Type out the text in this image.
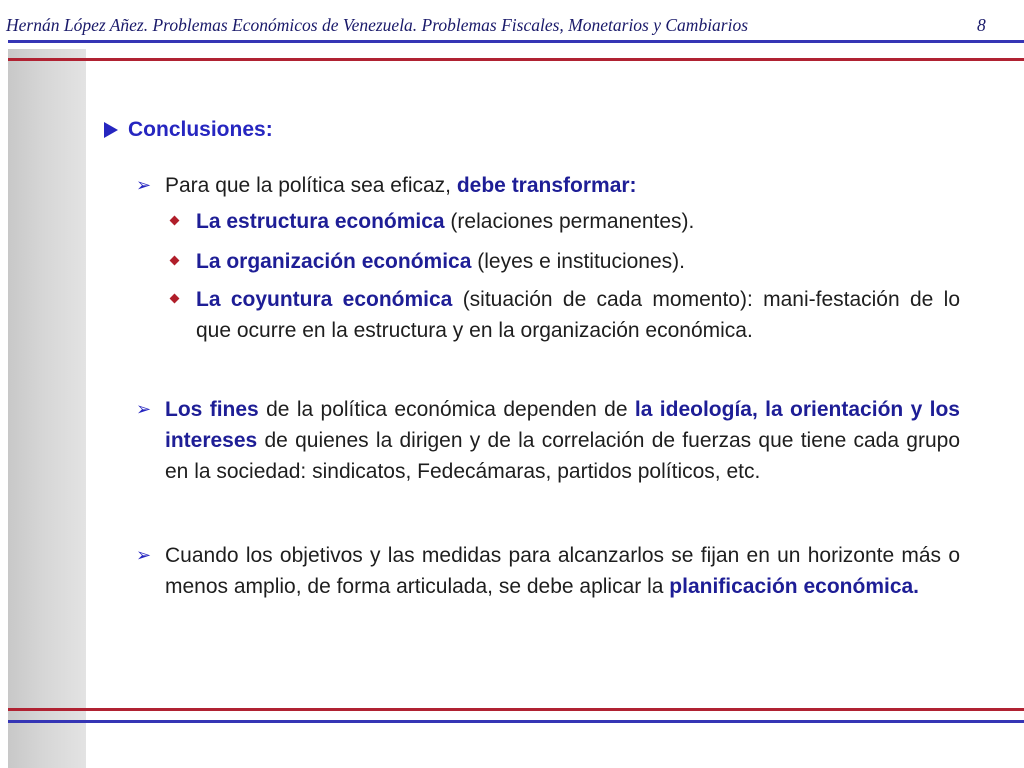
Hernán López Añez. Problemas Económicos de Venezuela. Problemas Fiscales, Monetarios y Cambiarios	8
Conclusiones:
➢ Para que la política sea eficaz, debe transformar:
La estructura económica (relaciones permanentes).
La organización económica (leyes e instituciones).
La coyuntura económica (situación de cada momento): mani-festación de lo que ocurre en la estructura y en la organización económica.
➢ Los fines de la política económica dependen de la ideología, la orientación y los intereses de quienes la dirigen y de la correlación de fuerzas que tiene cada grupo en la sociedad: sindicatos, Fedecámaras, partidos políticos, etc.
➢ Cuando los objetivos y las medidas para alcanzarlos se fijan en un horizonte más o menos amplio, de forma articulada, se debe aplicar la planificación económica.
